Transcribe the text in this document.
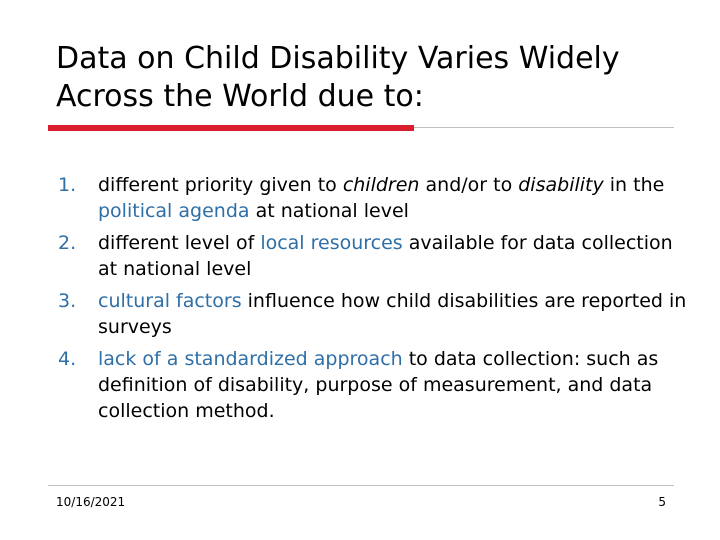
Data on Child Disability Varies Widely
Across the World due to:
1. different priority given to children and/or to disability in the political agenda at national level
2. different level of local resources available for data collection at national level
3. cultural factors influence how child disabilities are reported in surveys
4. lack of a standardized approach to data collection: such as definition of disability, purpose of measurement, and data collection method.
10/16/2021	5
